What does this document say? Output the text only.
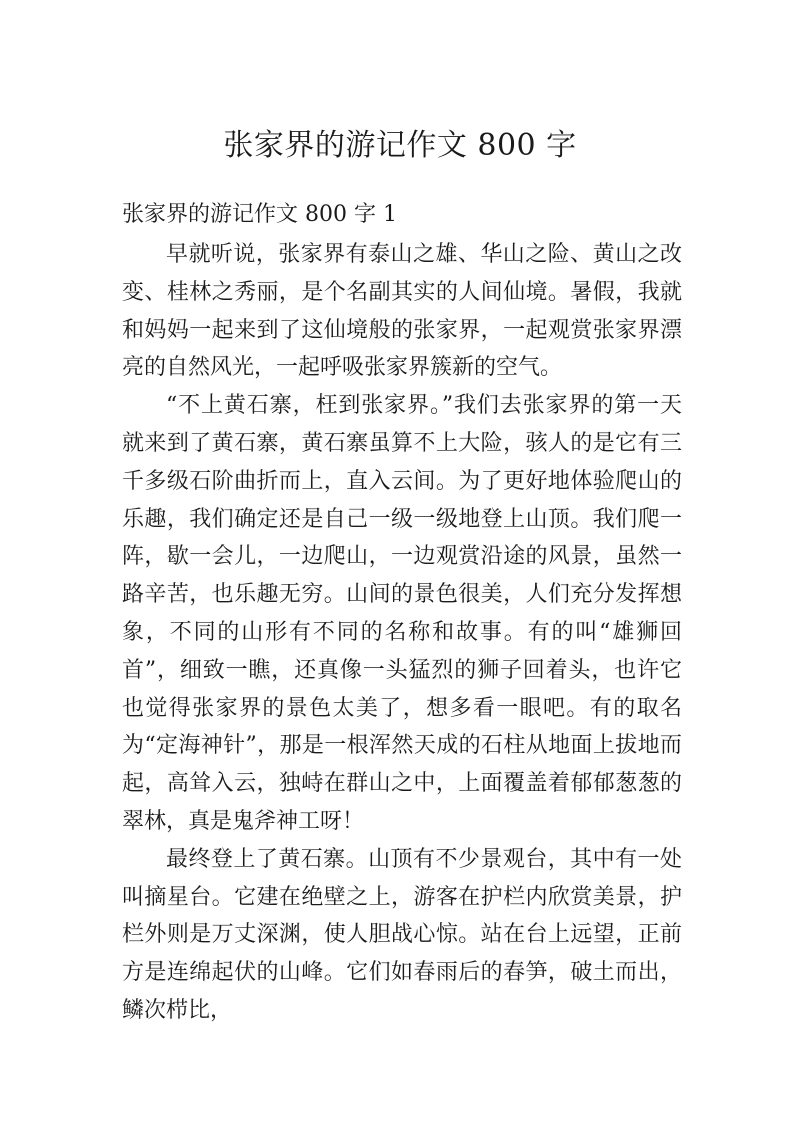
张家界的游记作文 800 字
张家界的游记作文 800 字 1

早就听说，张家界有泰山之雄、华山之险、黄山之改变、桂林之秀丽，是个名副其实的人间仙境。暑假，我就和妈妈一起来到了这仙境般的张家界，一起观赏张家界漂亮的自然风光，一起呼吸张家界簇新的空气。

“不上黄石寨，枉到张家界。”我们去张家界的第一天就来到了黄石寨，黄石寨虽算不上大险，骇人的是它有三千多级石阶曲折而上，直入云间。为了更好地体验爬山的乐趣，我们确定还是自己一级一级地登上山顶。我们爬一阵，歇一会儿，一边爬山，一边观赏沿途的风景，虽然一路辛苦，也乐趣无穷。山间的景色很美，人们充分发挥想象，不同的山形有不同的名称和故事。有的叫“雄狮回首”，细致一瞧，还真像一头猛烈的狮子回着头，也许它也觉得张家界的景色太美了，想多看一眼吧。有的取名为“定海神针”，那是一根浑然天成的石柱从地面上拔地而起，高耸入云，独峙在群山之中，上面覆盖着郁郁葱葱的翠林，真是鬼斧神工呀！

最终登上了黄石寨。山顶有不少景观台，其中有一处叫摘星台。它建在绝壁之上，游客在护栏内欣赏美景，护栏外则是万丈深渊，使人胆战心惊。站在台上远望，正前方是连绵起伏的山峰。它们如春雨后的春笋，破土而出，鳞次栉比，
